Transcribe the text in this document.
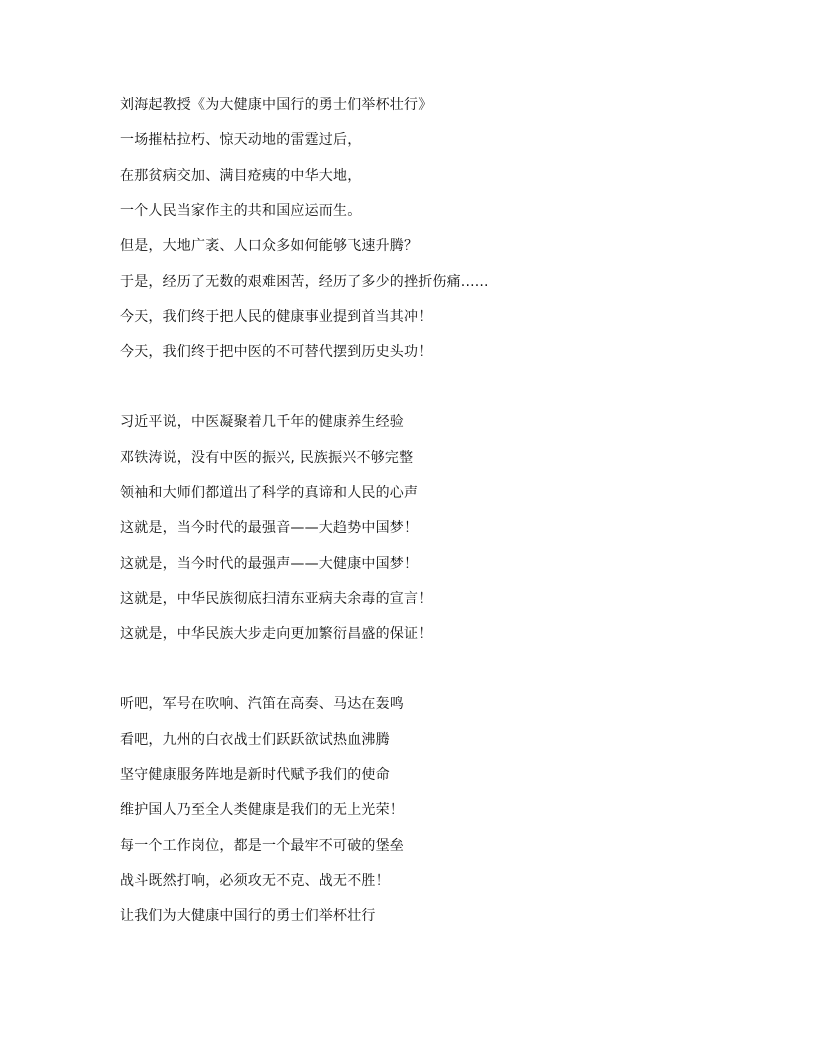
刘海起教授《为大健康中国行的勇士们举杯壮行》
一场摧枯拉朽、惊天动地的雷霆过后，
在那贫病交加、满目疮痍的中华大地，
一个人民当家作主的共和国应运而生。
但是，大地广袤、人口众多如何能够飞速升腾？
于是，经历了无数的艰难困苦，经历了多少的挫折伤痛......
今天，我们终于把人民的健康事业提到首当其冲！
今天，我们终于把中医的不可替代摆到历史头功！
习近平说，中医凝聚着几千年的健康养生经验
邓铁涛说，没有中医的振兴, 民族振兴不够完整
领袖和大师们都道出了科学的真谛和人民的心声
这就是，当今时代的最强音——大趋势中国梦！
这就是，当今时代的最强声——大健康中国梦！
这就是，中华民族彻底扫清东亚病夫余毒的宣言！
这就是，中华民族大步走向更加繁衍昌盛的保证！
听吧，军号在吹响、汽笛在高奏、马达在轰鸣
看吧，九州的白衣战士们跃跃欲试热血沸腾
坚守健康服务阵地是新时代赋予我们的使命
维护国人乃至全人类健康是我们的无上光荣！
每一个工作岗位，都是一个最牢不可破的堡垒
战斗既然打响，必须攻无不克、战无不胜！
让我们为大健康中国行的勇士们举杯壮行
